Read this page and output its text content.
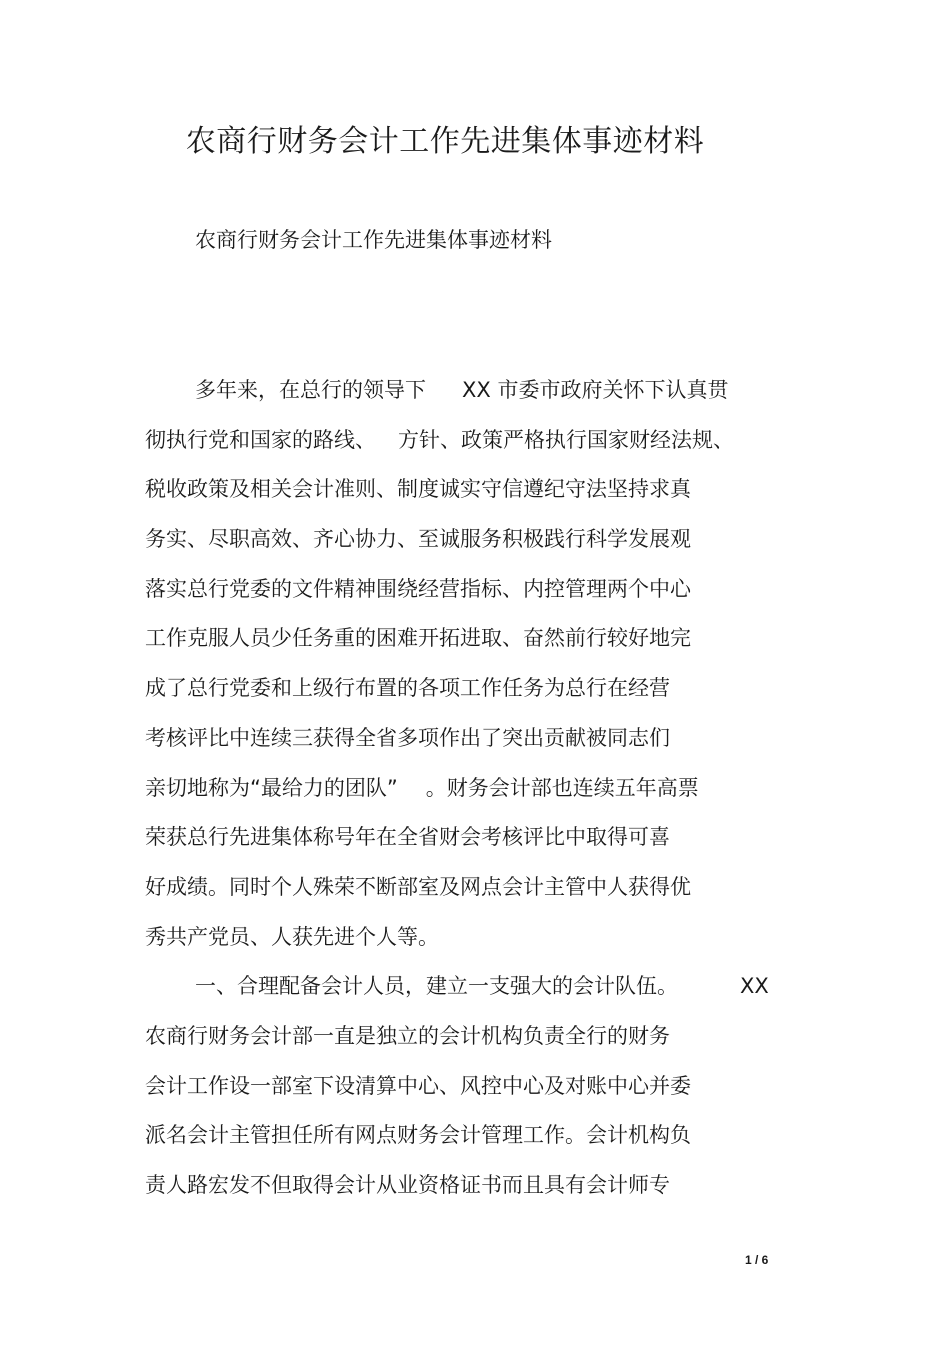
农商行财务会计工作先进集体事迹材料

农商行财务会计工作先进集体事迹材料

多年来，在总行的领导下 XX 市委市政府关怀下认真贯
彻执行党和国家的路线、 方针、政策严格执行国家财经法规、
税收政策及相关会计准则、制度诚实守信遵纪守法坚持求真
务实、尽职高效、齐心协力、至诚服务积极践行科学发展观
落实总行党委的文件精神围绕经营指标、内控管理两个中心
工作克服人员少任务重的困难开拓进取、奋然前行较好地完
成了总行党委和上级行布置的各项工作任务为总行在经营
考核评比中连续三获得全省多项作出了突出贡献被同志们
亲切地称为“最给力的团队” 。财务会计部也连续五年高票
荣获总行先进集体称号年在全省财会考核评比中取得可喜
好成绩。同时个人殊荣不断部室及网点会计主管中人获得优
秀共产党员、人获先进个人等。
一、合理配备会计人员，建立一支强大的会计队伍。	XX
农商行财务会计部一直是独立的会计机构负责全行的财务
会计工作设一部室下设清算中心、风控中心及对账中心并委
派名会计主管担任所有网点财务会计管理工作。会计机构负
责人路宏发不但取得会计从业资格证书而且具有会计师专
1 / 6
